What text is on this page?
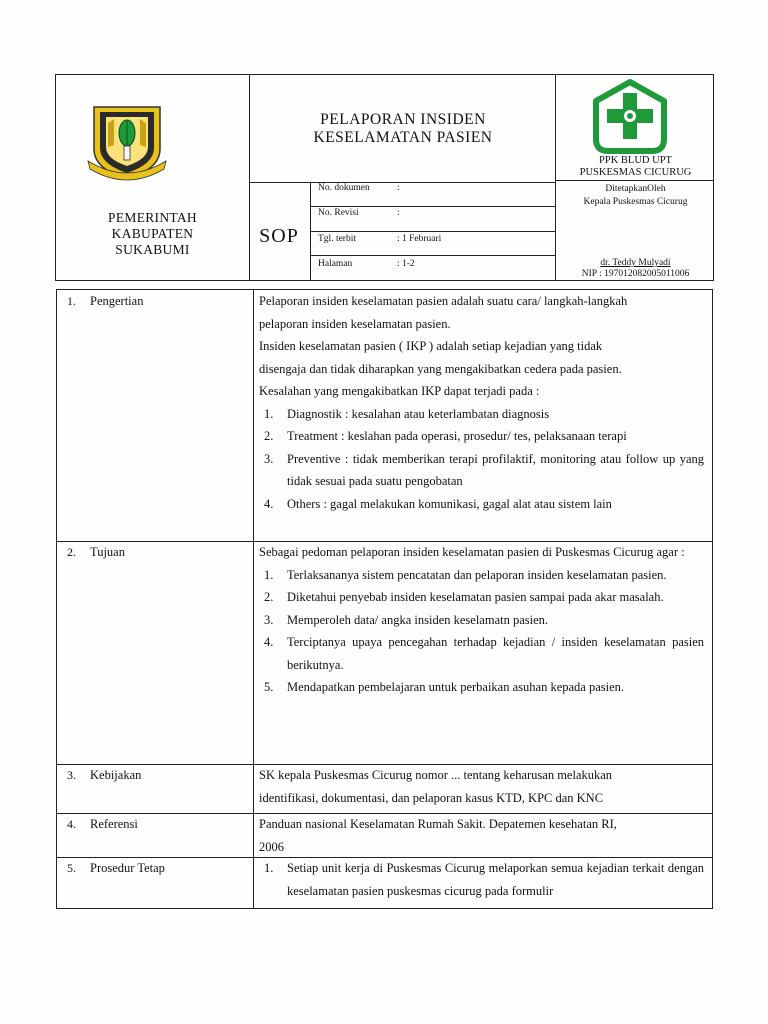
PEMERINTAH
KABUPATEN
SUKABUMI
PELAPORAN INSIDEN
KESELAMATAN PASIEN
SOP
No. dokumen	:
No. Revisi	:
Tgl. terbit	: 1 Februari
Halaman	: 1-2
PPK BLUD UPT
PUSKESMAS CICURUG
DitetapkanOleh
Kepala Puskesmas Cicurug
dr. Teddy Mulyadi
NIP : 197012082005011006
1. Pengertian	Pelaporan insiden keselamatan pasien adalah suatu cara/ langkah-langkah

pelaporan insiden keselamatan pasien.

Insiden keselamatan pasien ( IKP ) adalah setiap kejadian yang tidak

disengaja dan tidak diharapkan yang mengakibatkan cedera pada pasien.

Kesalahan yang mengakibatkan IKP dapat terjadi pada :

1. Diagnostik : kesalahan atau keterlambatan diagnosis
2. Treatment : keslahan pada operasi, prosedur/ tes, pelaksanaan terapi
3. Preventive : tidak memberikan terapi profilaktif, monitoring atau follow up yang tidak sesuai pada suatu pengobatan
4. Others : gagal melakukan komunikasi, gagal alat atau sistem lain
2. Tujuan	Sebagai pedoman pelaporan insiden keselamatan pasien di Puskesmas Cicurug agar :

1. Terlaksananya sistem pencatatan dan pelaporan insiden keselamatan pasien.
2. Diketahui penyebab insiden keselamatan pasien sampai pada akar masalah.
3. Memperoleh data/ angka insiden keselamatn pasien.
4. Terciptanya upaya pencegahan terhadap kejadian / insiden keselamatan pasien berikutnya.
5. Mendapatkan pembelajaran untuk perbaikan asuhan kepada pasien.
3. Kebijakan	SK kepala Puskesmas Cicurug nomor ... tentang keharusan melakukan

identifikasi, dokumentasi, dan pelaporan kasus KTD, KPC dan KNC

4. Referensi	Panduan nasional Keselamatan Rumah Sakit. Depatemen kesehatan RI,

2006

5. Prosedur Tetap	1. Setiap unit kerja di Puskesmas Cicurug melaporkan semua kejadian terkait dengan keselamatan pasien puskesmas cicurug pada formulir
